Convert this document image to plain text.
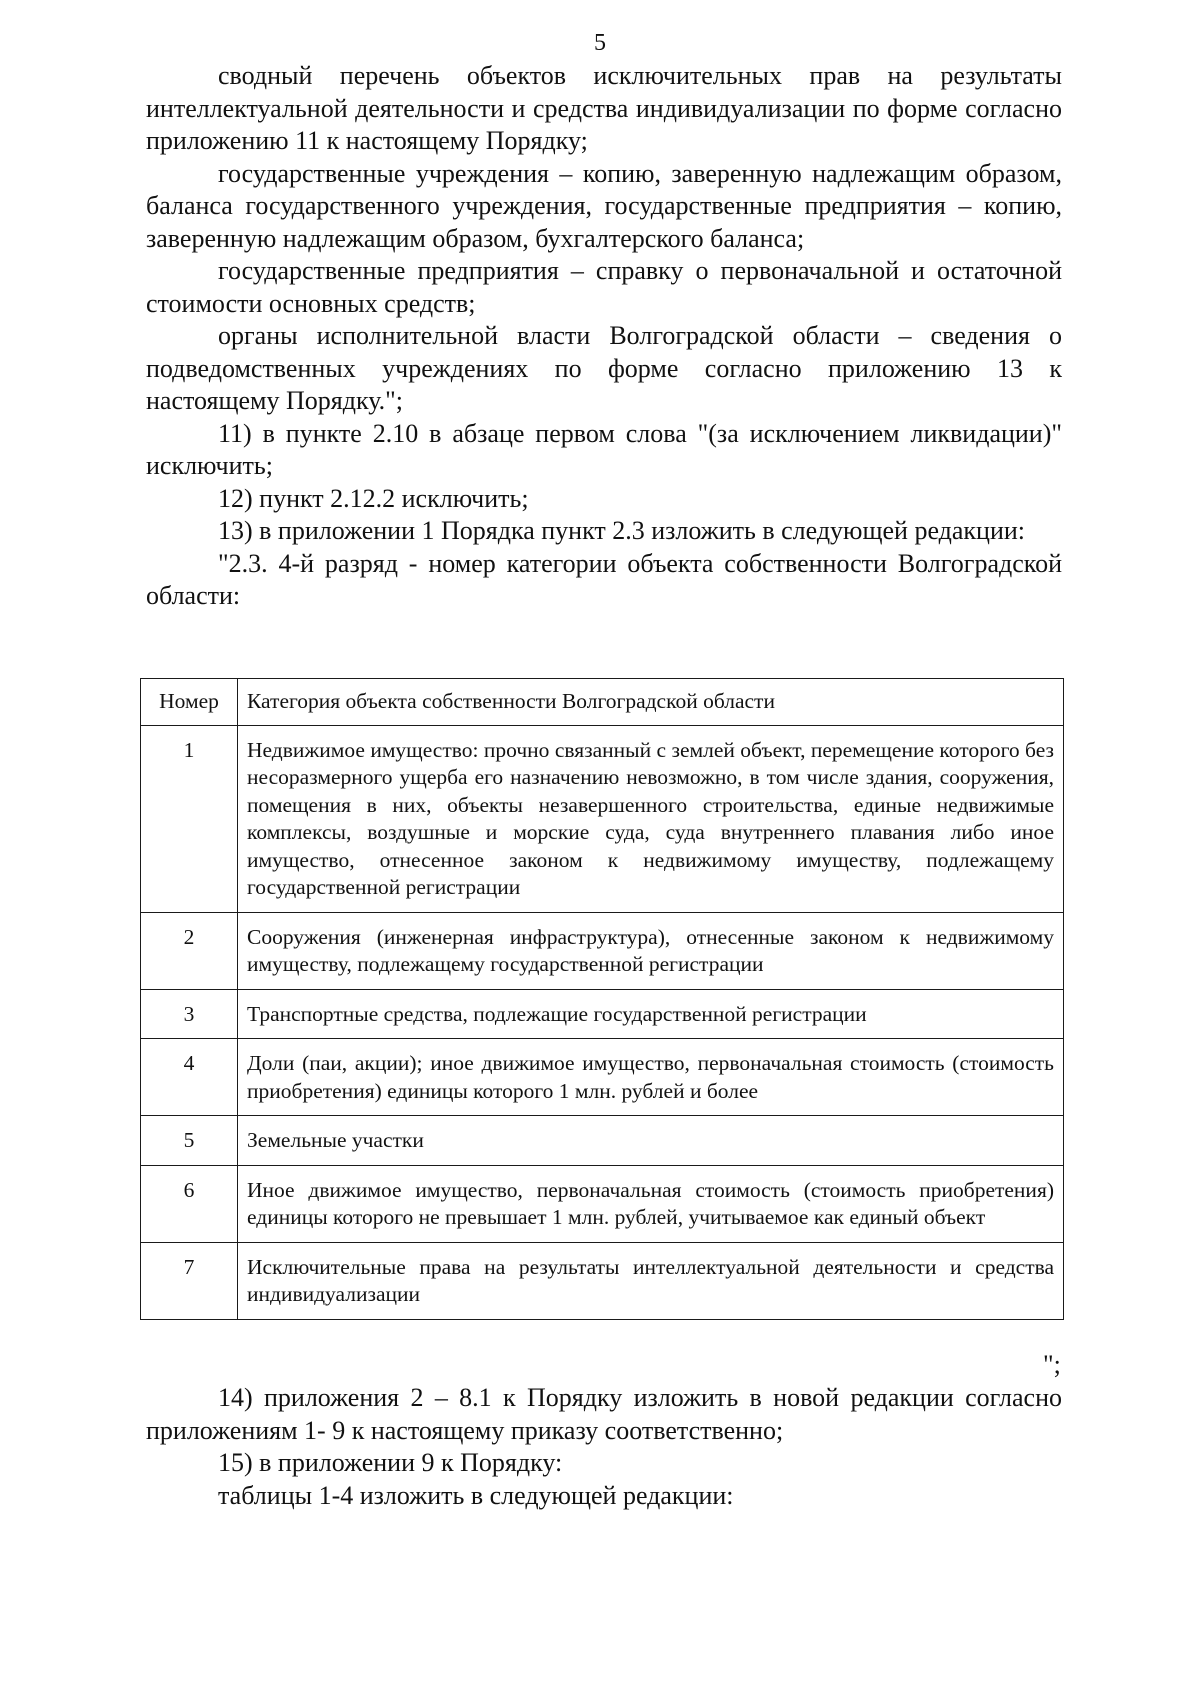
5

сводный перечень объектов исключительных прав на результаты интеллектуальной деятельности и средства индивидуализации по форме согласно приложению 11 к настоящему Порядку;

государственные учреждения – копию, заверенную надлежащим образом, баланса государственного учреждения, государственные предприятия – копию, заверенную надлежащим образом, бухгалтерского баланса;

государственные предприятия – справку о первоначальной и остаточной стоимости основных средств;

органы исполнительной власти Волгоградской области – сведения о подведомственных учреждениях по форме согласно приложению 13 к настоящему Порядку.";

11) в пункте 2.10 в абзаце первом слова "(за исключением ликвидации)" исключить;

12) пункт 2.12.2 исключить;

13) в приложении 1 Порядка пункт 2.3 изложить в следующей редакции:

"2.3. 4-й разряд - номер категории объекта собственности Волгоградской области:

Номер	Категория объекта собственности Волгоградской области
1	Недвижимое имущество: прочно связанный с землей объект, перемещение которого без несоразмерного ущерба его назначению невозможно, в том числе здания, сооружения, помещения в них, объекты незавершенного строительства, единые недвижимые комплексы, воздушные и морские суда, суда внутреннего плавания либо иное имущество, отнесенное законом к недвижимому имуществу, подлежащему государственной регистрации
2	Сооружения (инженерная инфраструктура), отнесенные законом к недвижимому имуществу, подлежащему государственной регистрации
3	Транспортные средства, подлежащие государственной регистрации
4	Доли (паи, акции); иное движимое имущество, первоначальная стоимость (стоимость приобретения) единицы которого 1 млн. рублей и более
5	Земельные участки
6	Иное движимое имущество, первоначальная стоимость (стоимость приобретения) единицы которого не превышает 1 млн. рублей, учитываемое как единый объект
7	Исключительные права на результаты интеллектуальной деятельности и средства индивидуализации
";

14) приложения 2 – 8.1 к Порядку изложить в новой редакции согласно приложениям 1- 9 к настоящему приказу соответственно;

15) в приложении 9 к Порядку:

таблицы 1-4 изложить в следующей редакции:
